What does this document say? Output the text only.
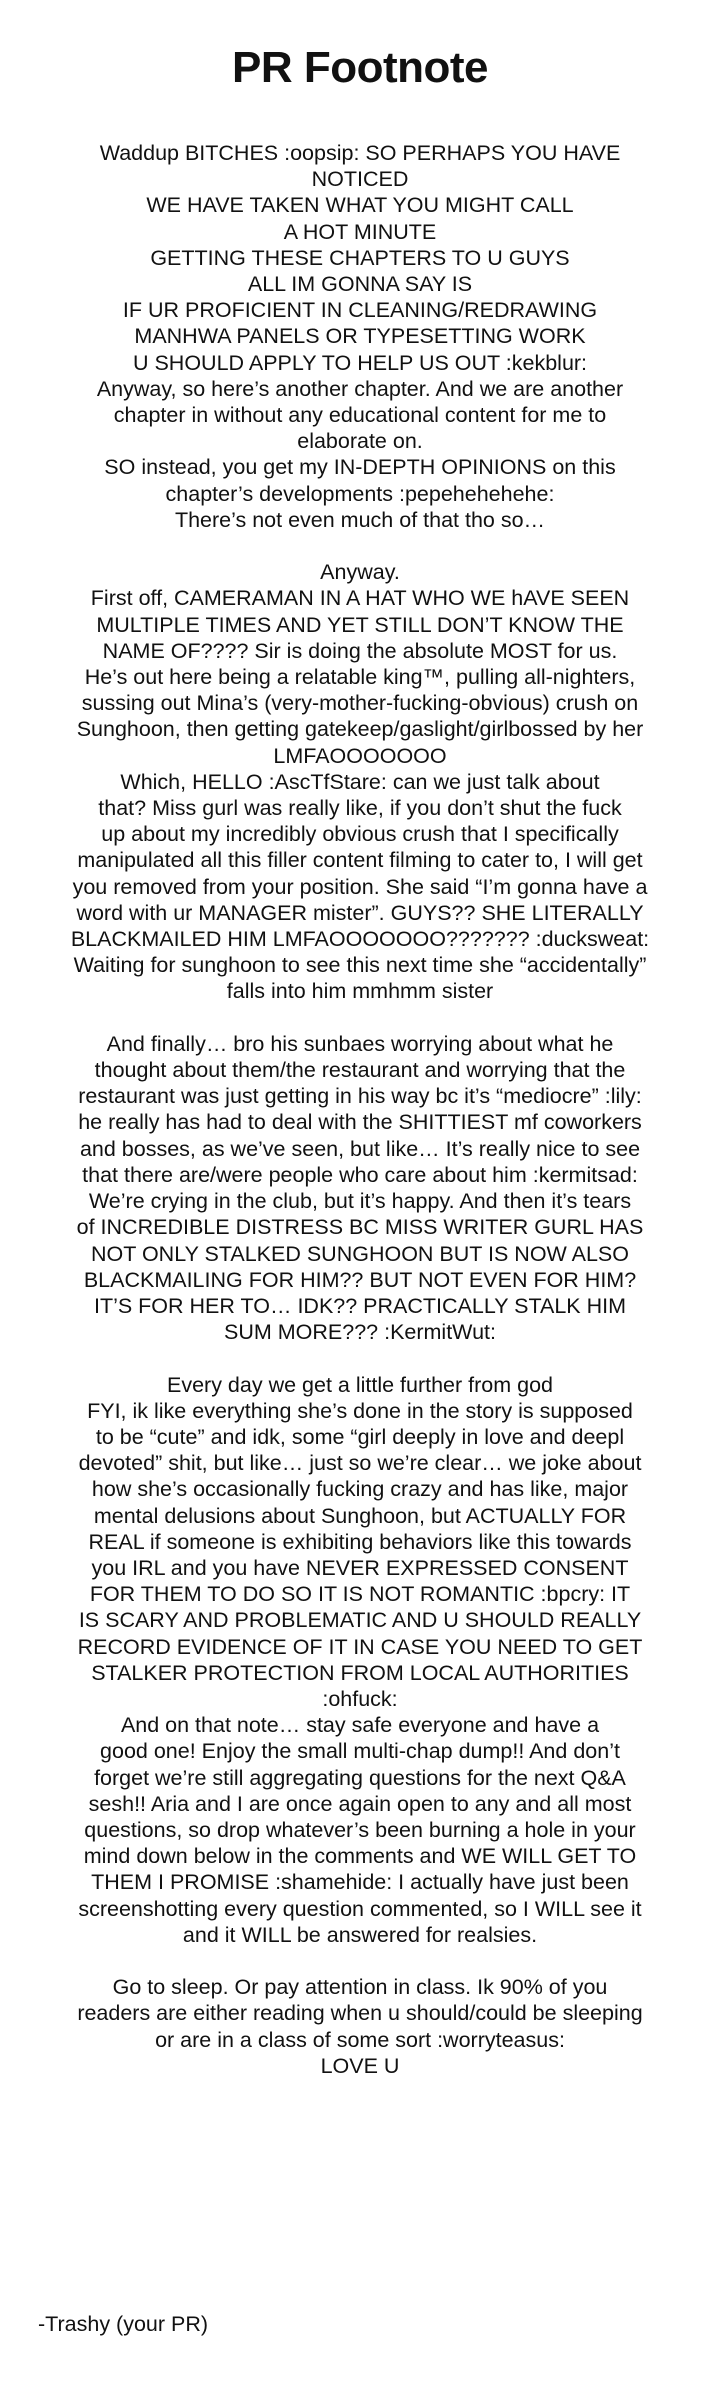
PR Footnote
Waddup BITCHES :oopsip: SO PERHAPS YOU HAVE
NOTICED
WE HAVE TAKEN WHAT YOU MIGHT CALL
A HOT MINUTE
GETTING THESE CHAPTERS TO U GUYS
ALL IM GONNA SAY IS
IF UR PROFICIENT IN CLEANING/REDRAWING
MANHWA PANELS OR TYPESETTING WORK
U SHOULD APPLY TO HELP US OUT :kekblur:
Anyway, so here’s another chapter. And we are another
chapter in without any educational content for me to
elaborate on.
SO instead, you get my IN-DEPTH OPINIONS on this
chapter’s developments :pepehehehehe:
There’s not even much of that tho so…
Anyway.
First off, CAMERAMAN IN A HAT WHO WE hAVE SEEN
MULTIPLE TIMES AND YET STILL DON’T KNOW THE
NAME OF???? Sir is doing the absolute MOST for us.
He’s out here being a relatable king™, pulling all-nighters,
sussing out Mina’s (very-mother-fucking-obvious) crush on
Sunghoon, then getting gatekeep/gaslight/girlbossed by her
LMFAOOOOOOO
Which, HELLO :AscTfStare: can we just talk about
that? Miss gurl was really like, if you don’t shut the fuck
up about my incredibly obvious crush that I specifically
manipulated all this filler content filming to cater to, I will get
you removed from your position. She said “I’m gonna have a
word with ur MANAGER mister”. GUYS?? SHE LITERALLY
BLACKMAILED HIM LMFAOOOOOOO??????? :ducksweat:
Waiting for sunghoon to see this next time she “accidentally”
falls into him mmhmm sister
And finally… bro his sunbaes worrying about what he
thought about them/the restaurant and worrying that the
restaurant was just getting in his way bc it’s “mediocre” :lily:
he really has had to deal with the SHITTIEST mf coworkers
and bosses, as we’ve seen, but like… It’s really nice to see
that there are/were people who care about him :kermitsad:
We’re crying in the club, but it’s happy. And then it’s tears
of INCREDIBLE DISTRESS BC MISS WRITER GURL HAS
NOT ONLY STALKED SUNGHOON BUT IS NOW ALSO
BLACKMAILING FOR HIM?? BUT NOT EVEN FOR HIM?
IT’S FOR HER TO… IDK?? PRACTICALLY STALK HIM
SUM MORE??? :KermitWut:
Every day we get a little further from god
FYI, ik like everything she’s done in the story is supposed
to be “cute” and idk, some “girl deeply in love and deepl
devoted” shit, but like… just so we’re clear… we joke about
how she’s occasionally fucking crazy and has like, major
mental delusions about Sunghoon, but ACTUALLY FOR
REAL if someone is exhibiting behaviors like this towards
you IRL and you have NEVER EXPRESSED CONSENT
FOR THEM TO DO SO IT IS NOT ROMANTIC :bpcry: IT
IS SCARY AND PROBLEMATIC AND U SHOULD REALLY
RECORD EVIDENCE OF IT IN CASE YOU NEED TO GET
STALKER PROTECTION FROM LOCAL AUTHORITIES
:ohfuck:
And on that note… stay safe everyone and have a
good one! Enjoy the small multi-chap dump!! And don’t
forget we’re still aggregating questions for the next Q&A
sesh!! Aria and I are once again open to any and all most
questions, so drop whatever’s been burning a hole in your
mind down below in the comments and WE WILL GET TO
THEM I PROMISE :shamehide: I actually have just been
screenshotting every question commented, so I WILL see it
and it WILL be answered for realsies.
Go to sleep. Or pay attention in class. Ik 90% of you
readers are either reading when u should/could be sleeping
or are in a class of some sort :worryteasus:
LOVE U
-Trashy (your PR)
